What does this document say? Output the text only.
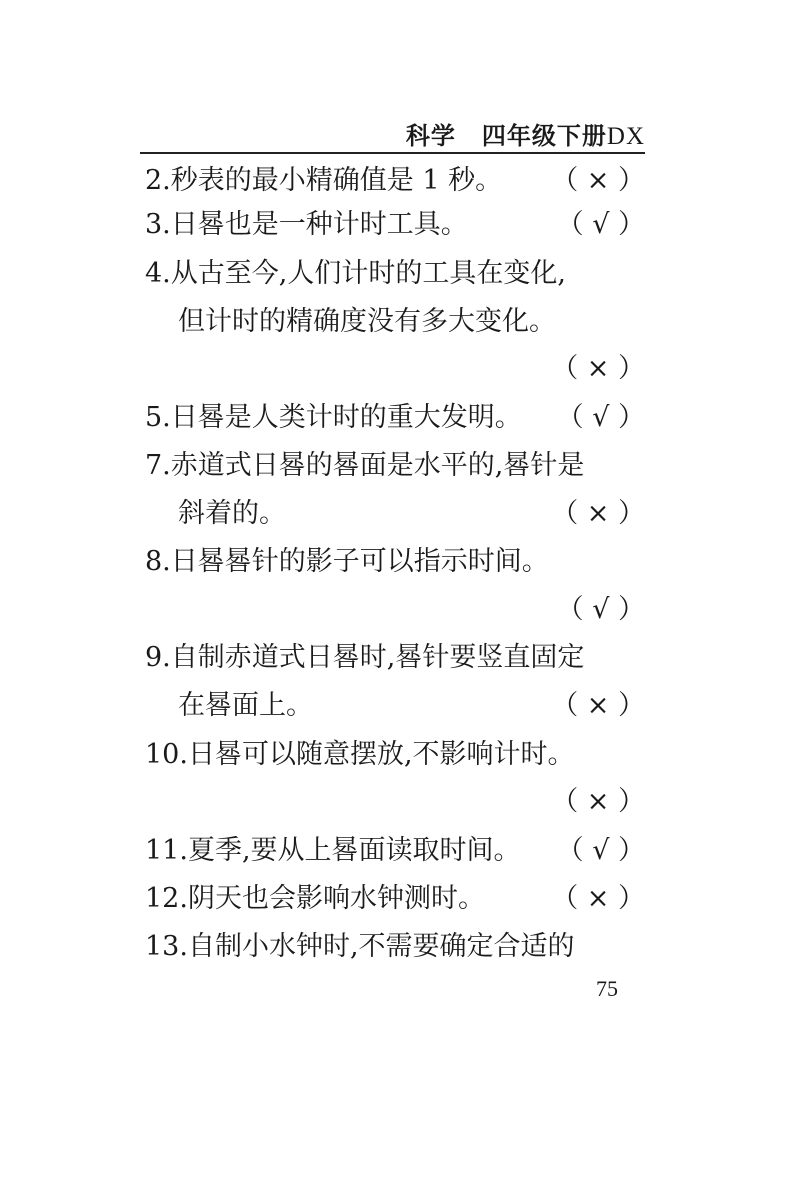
科学 四年级下册DX
2.秒表的最小精确值是 1 秒。 （ × ）
3.日晷也是一种计时工具。	（ √ ）
4.从古至今,人们计时的工具在变化,
但计时的精确度没有多大变化。
（ × ）
5.日晷是人类计时的重大发明。 （ √ ）
7.赤道式日晷的晷面是水平的,晷针是
斜着的。	（ × ）
8.日晷晷针的影子可以指示时间。
（ √ ）
9.自制赤道式日晷时,晷针要竖直固定
在晷面上。	（ × ）
10.日晷可以随意摆放,不影响计时。
（ × ）
11.夏季,要从上晷面读取时间。 （ √ ）
12.阴天也会影响水钟测时。 （ × ）
13.自制小水钟时,不需要确定合适的
75
